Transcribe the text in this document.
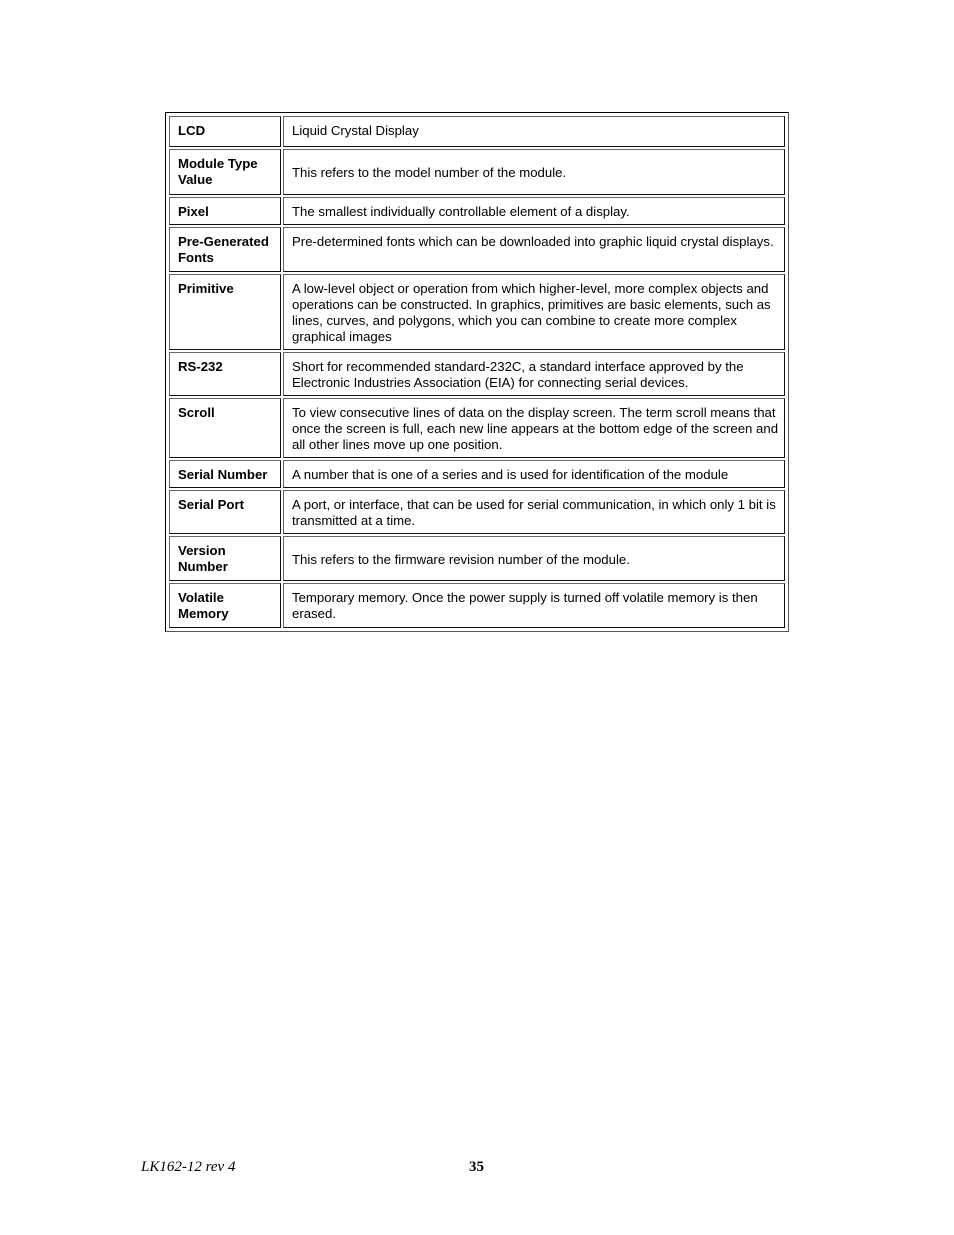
LCD	Liquid Crystal Display
Module Type Value	This refers to the model number of the module.
Pixel	The smallest individually controllable element of a display.
Pre-Generated Fonts	Pre-determined fonts which can be downloaded into graphic liquid crystal displays.
Primitive	A low-level object or operation from which higher-level, more complex objects and operations can be constructed. In graphics, primitives are basic elements, such as lines, curves, and polygons, which you can combine to create more complex graphical images
RS-232	Short for recommended standard-232C, a standard interface approved by the Electronic Industries Association (EIA) for connecting serial devices.
Scroll	To view consecutive lines of data on the display screen. The term scroll means that once the screen is full, each new line appears at the bottom edge of the screen and all other lines move up one position.
Serial Number	A number that is one of a series and is used for identification of the module
Serial Port	A port, or interface, that can be used for serial communication, in which only 1 bit is transmitted at a time.
Version Number	This refers to the firmware revision number of the module.
Volatile Memory	Temporary memory. Once the power supply is turned off volatile memory is then erased.
LK162-12 rev 4	35
